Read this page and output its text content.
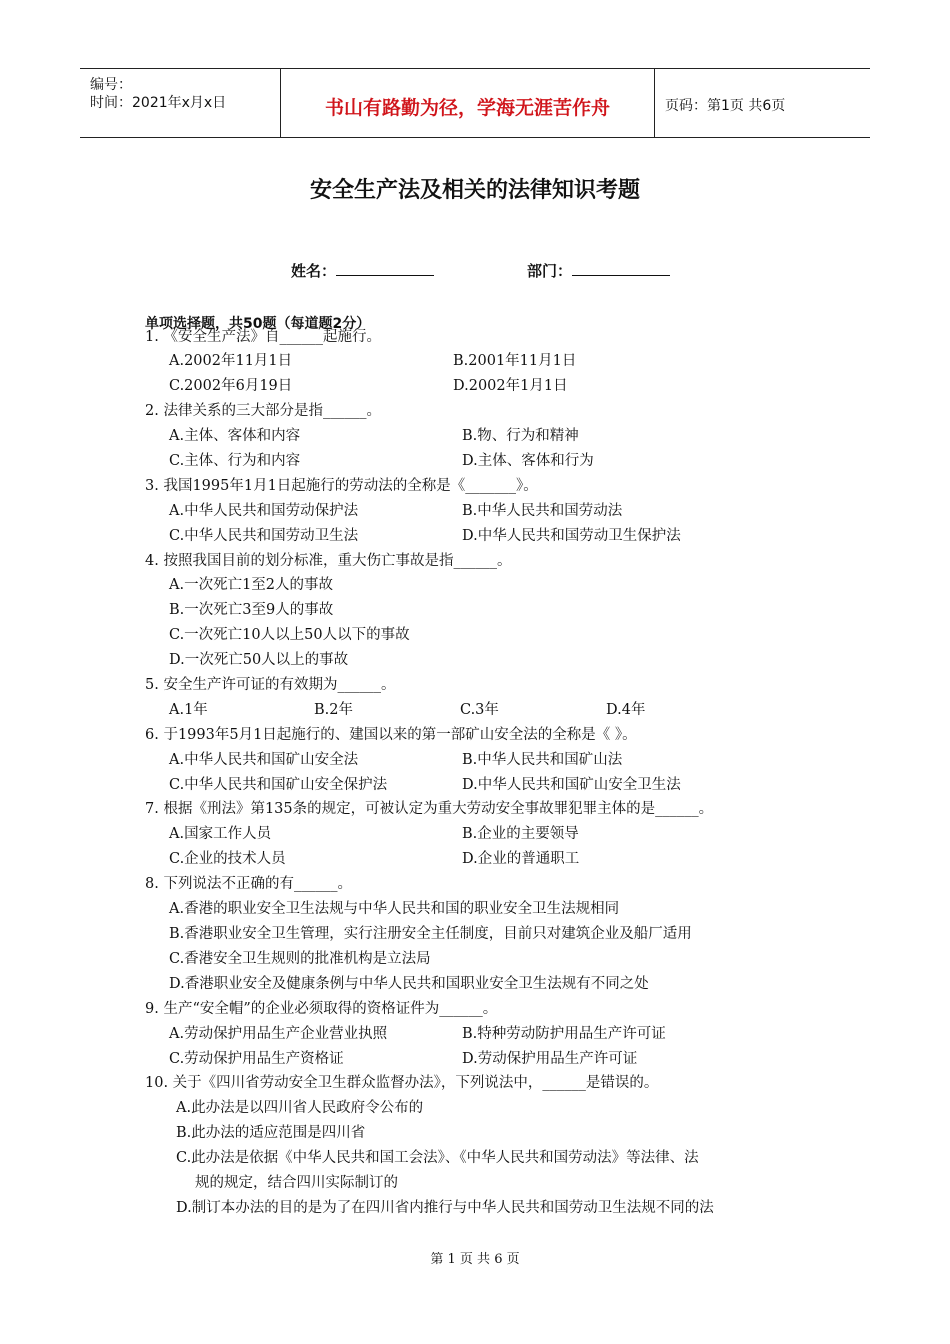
编号：
时间：2021年x月x日	书山有路勤为径，学海无涯苦作舟	页码：第1页 共6页
安全生产法及相关的法律知识考题
姓名：	部门：
单项选择题，共50题（每道题2分）
1. 《安全生产法》自______起施行。
A.2002年11月1日	B.2001年11月1日
C.2002年6月19日	D.2002年1月1日
2. 法律关系的三大部分是指______。
A.主体、客体和内容	B.物、行为和精神
C.主体、行为和内容	D.主体、客体和行为
3. 我国1995年1月1日起施行的劳动法的全称是《_______》。
A.中华人民共和国劳动保护法	B.中华人民共和国劳动法
C.中华人民共和国劳动卫生法	D.中华人民共和国劳动卫生保护法
4. 按照我国目前的划分标准，重大伤亡事故是指______。
A.一次死亡1至2人的事故
B.一次死亡3至9人的事故
C.一次死亡10人以上50人以下的事故
D.一次死亡50人以上的事故
5. 安全生产许可证的有效期为______。
A.1年	B.2年	C.3年	D.4年
6. 于1993年5月1日起施行的、建国以来的第一部矿山安全法的全称是《 》。
A.中华人民共和国矿山安全法	B.中华人民共和国矿山法
C.中华人民共和国矿山安全保护法	D.中华人民共和国矿山安全卫生法
7. 根据《刑法》第135条的规定，可被认定为重大劳动安全事故罪犯罪主体的是______。
A.国家工作人员	B.企业的主要领导
C.企业的技术人员	D.企业的普通职工
8. 下列说法不正确的有______。
A.香港的职业安全卫生法规与中华人民共和国的职业安全卫生法规相同
B.香港职业安全卫生管理，实行注册安全主任制度，目前只对建筑企业及船厂适用
C.香港安全卫生规则的批准机构是立法局
D.香港职业安全及健康条例与中华人民共和国职业安全卫生法规有不同之处
9. 生产“安全帽”的企业必须取得的资格证件为______。
A.劳动保护用品生产企业营业执照	B.特种劳动防护用品生产许可证
C.劳动保护用品生产资格证	D.劳动保护用品生产许可证
10. 关于《四川省劳动安全卫生群众监督办法》，下列说法中，______是错误的。
A.此办法是以四川省人民政府令公布的
B.此办法的适应范围是四川省
C.此办法是依据《中华人民共和国工会法》、《中华人民共和国劳动法》等法律、法
规的规定，结合四川实际制订的
D.制订本办法的目的是为了在四川省内推行与中华人民共和国劳动卫生法规不同的法
第 1 页 共 6 页
